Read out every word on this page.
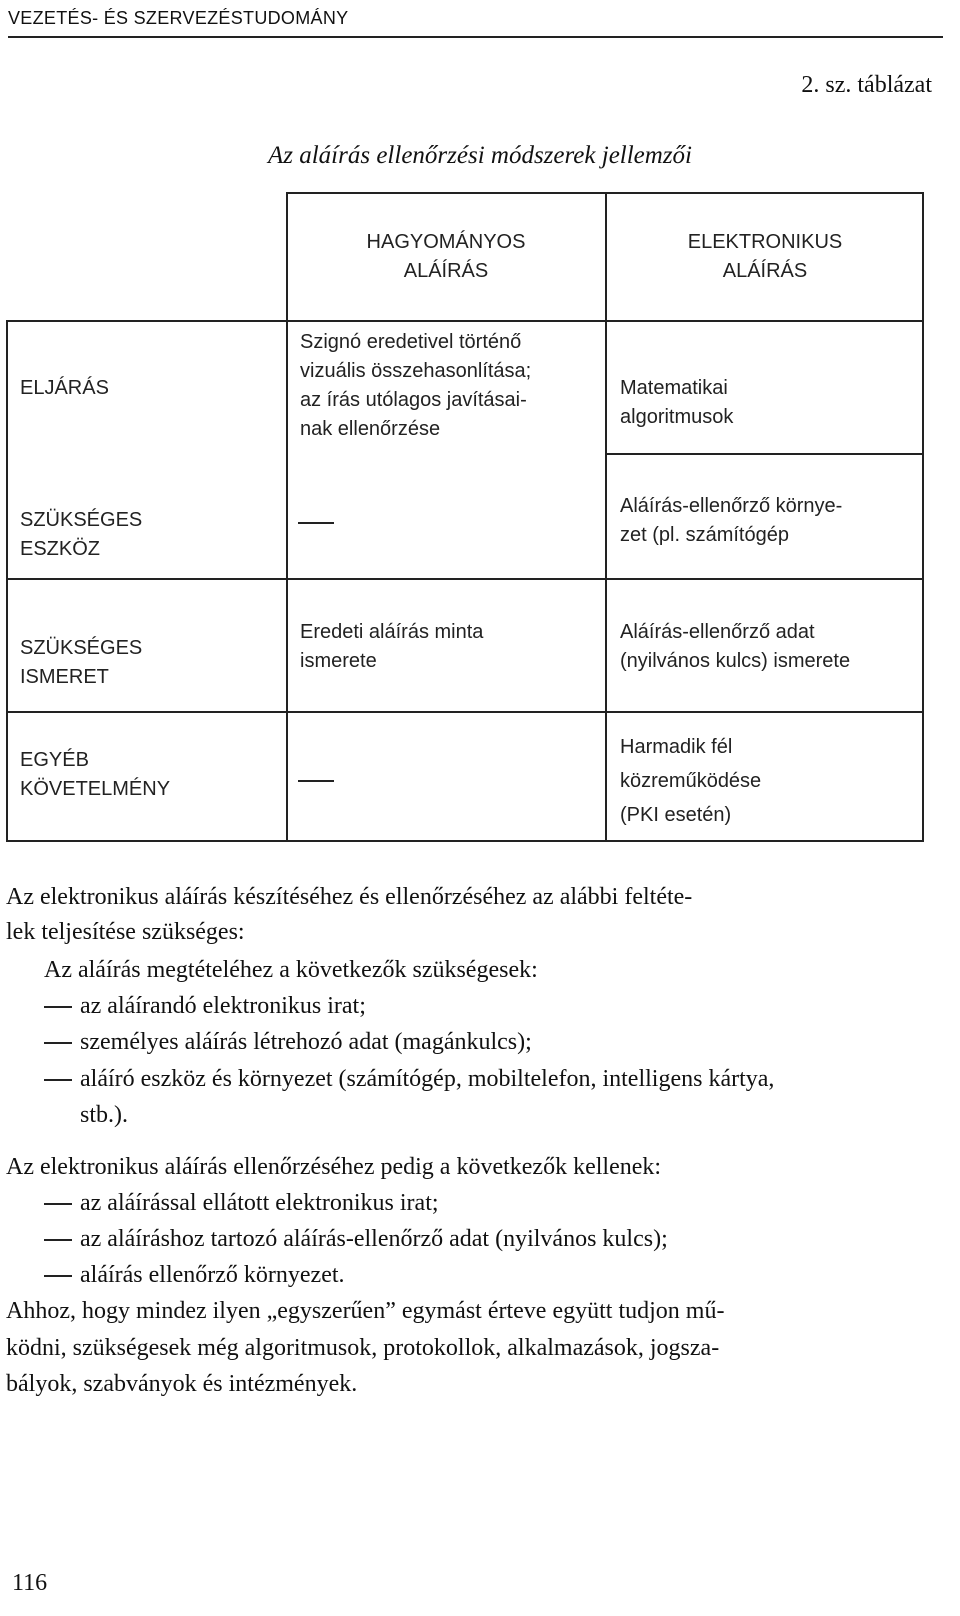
VEZETÉS- ÉS SZERVEZÉSTUDOMÁNY
2. sz. táblázat
Az aláírás ellenőrzési módszerek jellemzői
HAGYOMÁNYOS
ALÁÍRÁS
ELEKTRONIKUS
ALÁÍRÁS
ELJÁRÁS
Szignó eredetivel történő
vizuális összehasonlítása;
az írás utólagos javításai-
nak ellenőrzése
Matematikai algoritmusok
SZÜKSÉGES ESZKÖZ
Aláírás-ellenőrző környe-
zet (pl. számítógép
SZÜKSÉGES ISMERET
Eredeti aláírás minta
ismerete
Aláírás-ellenőrző adat
(nyilvános kulcs) ismerete
EGYÉB
KÖVETELMÉNY
Harmadik fél
közreműködése
(PKI esetén)
Az elektronikus aláírás készítéséhez és ellenőrzéséhez az alábbi feltéte-
lek teljesítése szükséges:
Az aláírás megtételéhez a következők szükségesek:
az aláírandó elektronikus irat;
személyes aláírás létrehozó adat (magánkulcs);
aláíró eszköz és környezet (számítógép, mobiltelefon, intelligens kártya,
stb.).
Az elektronikus aláírás ellenőrzéséhez pedig a következők kellenek:
az aláírással ellátott elektronikus irat;
az aláíráshoz tartozó aláírás-ellenőrző adat (nyilvános kulcs);
aláírás ellenőrző környezet.
Ahhoz, hogy mindez ilyen „egyszerűen” egymást érteve együtt tudjon mű-
ködni, szükségesek még algoritmusok, protokollok, alkalmazások, jogsza-
bályok, szabványok és intézmények.
116
